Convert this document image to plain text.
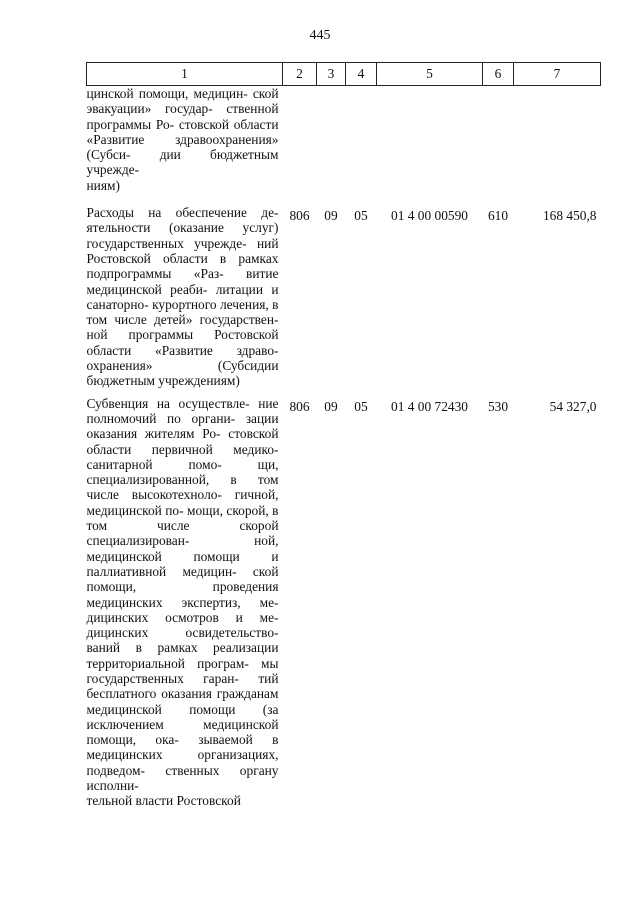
445
1	2	3	4	5	6	7
цинской помощи, медицин- ской эвакуации» государ- ственной программы Ро- стовской области «Развитие здравоохранения» (Субси- дии бюджетным учрежде-
ниям)						

Расходы на обеспечение де- ятельности (оказание услуг) государственных учрежде- ний Ростовской области в рамках подпрограммы «Раз- витие медицинской реаби- литации и санаторно- курортного лечения, в том числе детей» государствен- ной программы Ростовской области «Развитие здраво- охранения» (Субсидии
бюджетным учреждениям)	806	09	05	01 4 00 00590	610	168 450,8
Субвенция на осуществле- ние полномочий по органи- зации оказания жителям Ро- стовской области первичной медико-санитарной помо- щи, специализированной, в том числе высокотехноло- гичной, медицинской по- мощи, скорой, в том числе скорой специализирован- ной, медицинской помощи и паллиативной медицин- ской помощи, проведения медицинских экспертиз, ме- дицинских осмотров и ме- дицинских освидетельство- ваний в рамках реализации территориальной програм- мы государственных гаран- тий бесплатного оказания гражданам медицинской помощи (за исключением медицинской помощи, ока- зываемой в медицинских организациях, подведом- ственных органу исполни-
тельной власти Ростовской	806	09	05	01 4 00 72430	530	54 327,0
